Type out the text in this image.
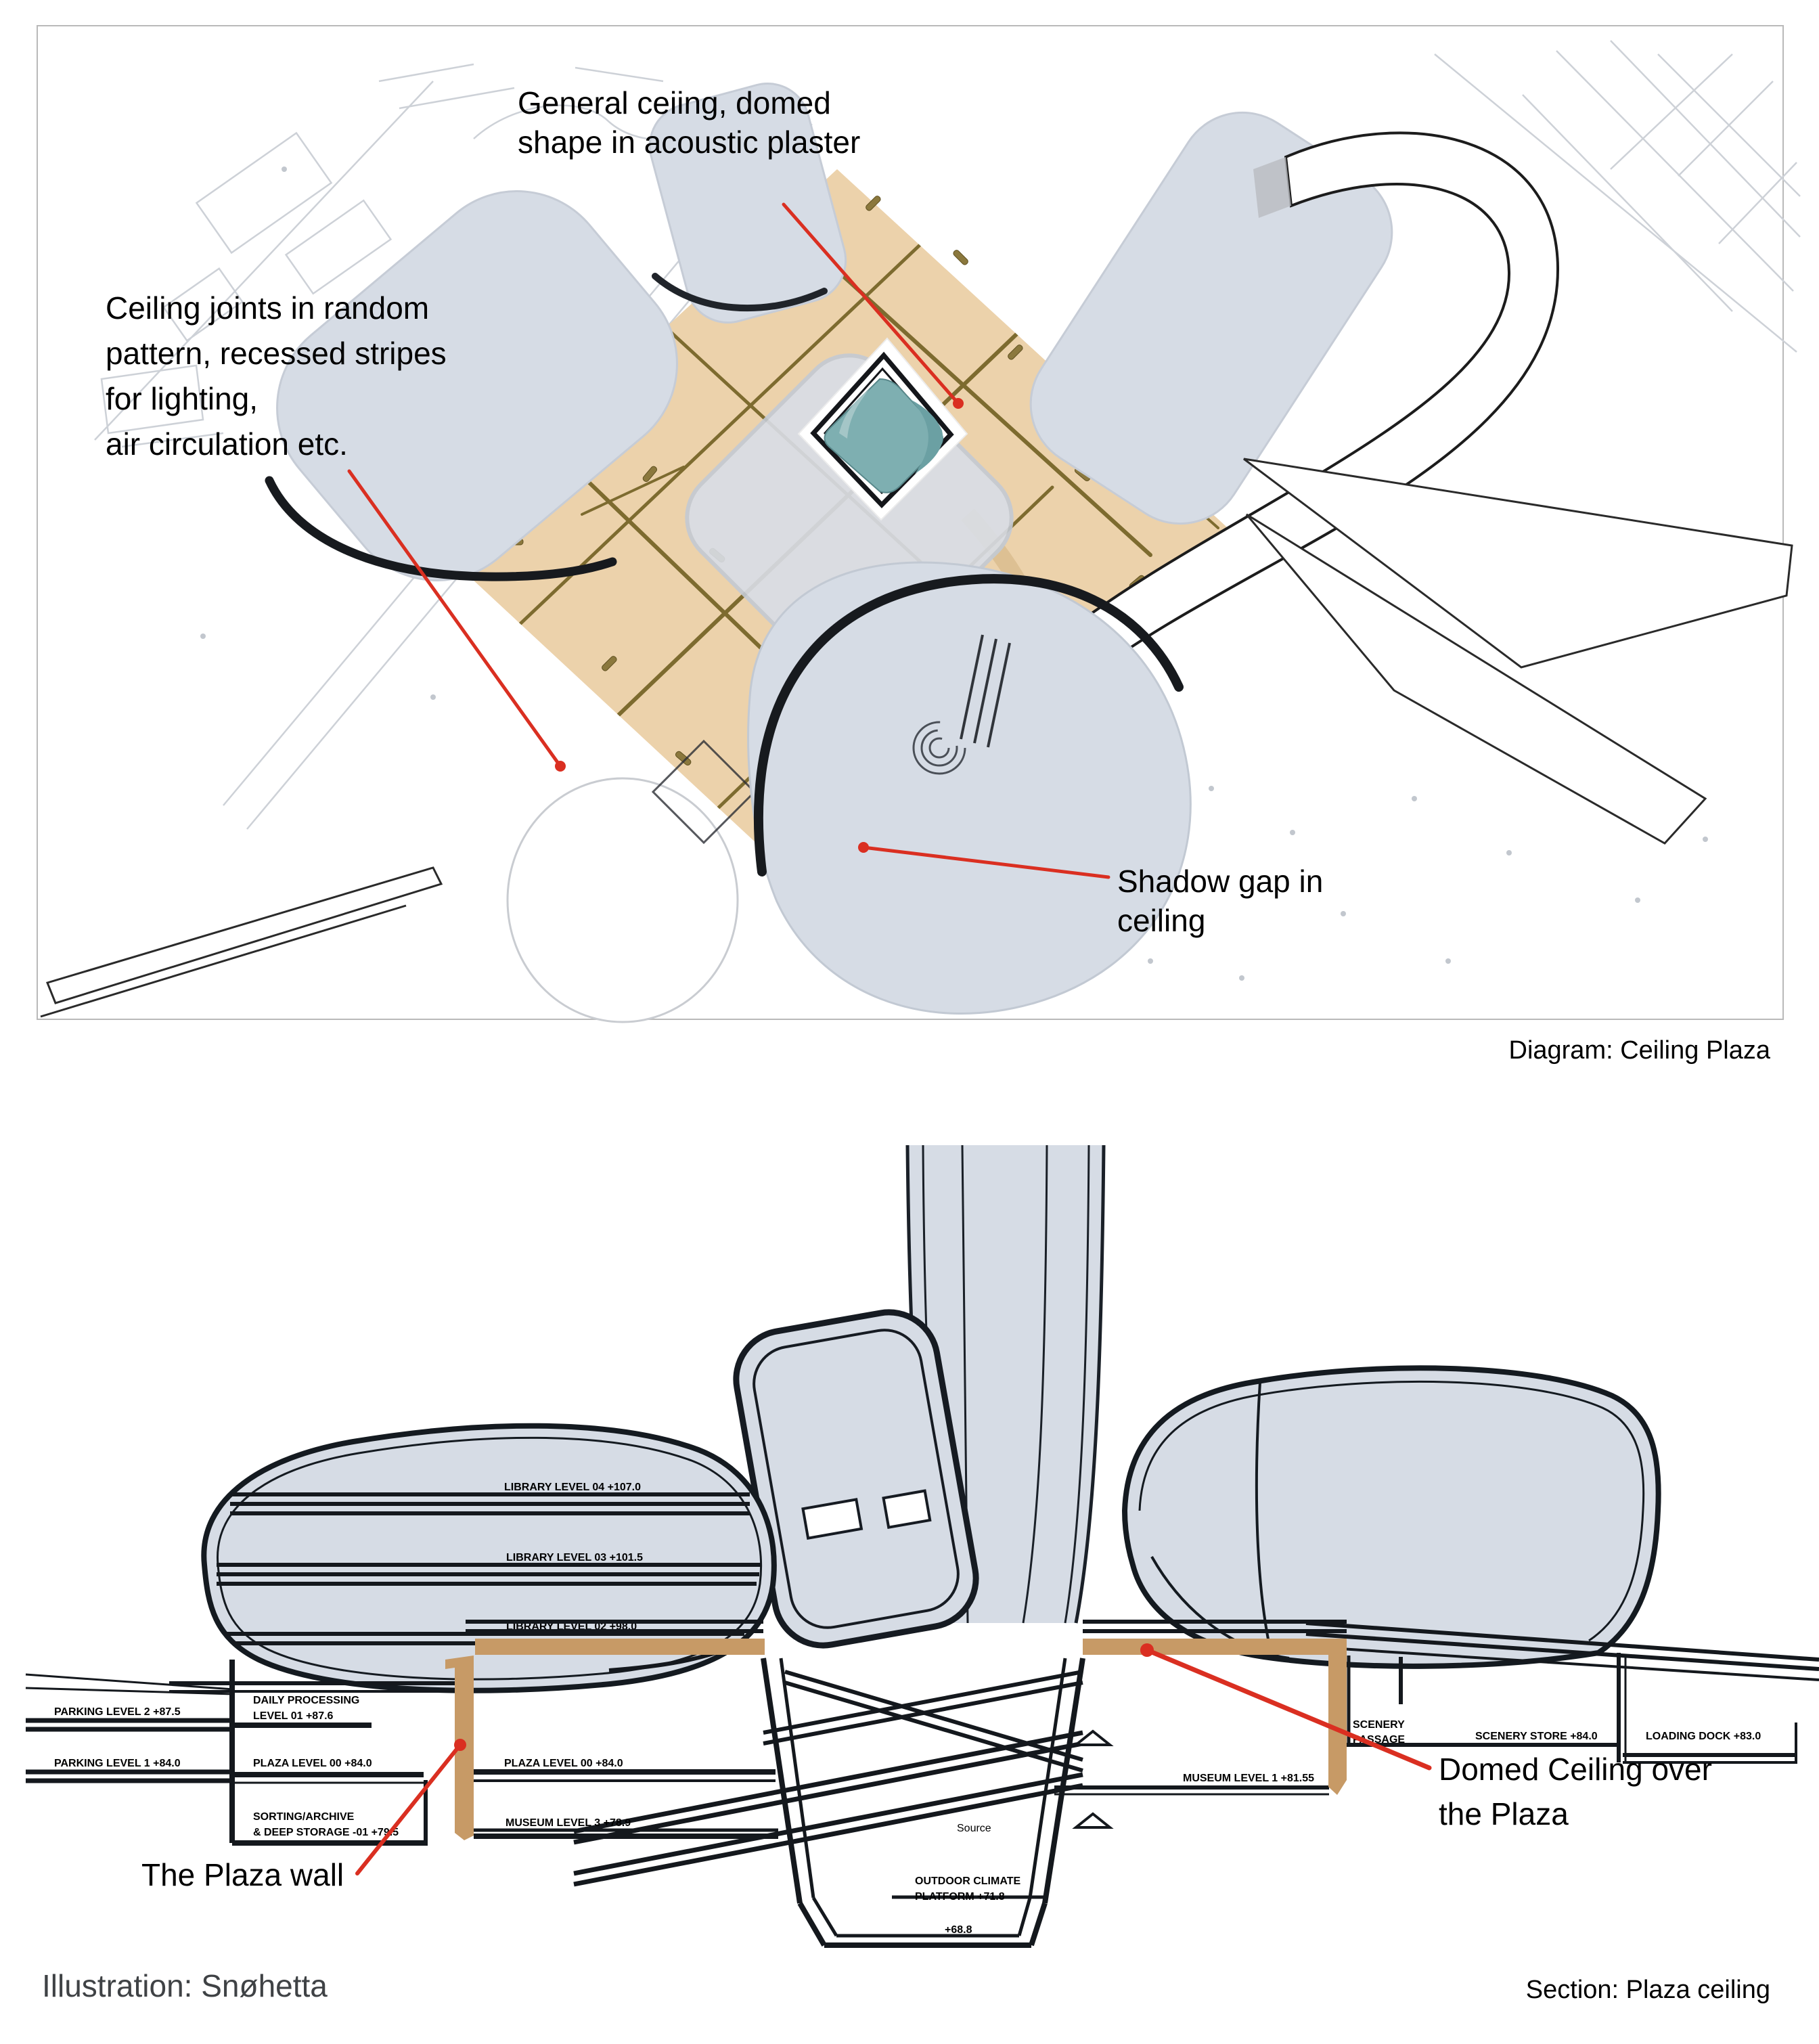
General ceiing, domed
shape in acoustic plaster
Ceiling joints in random
pattern, recessed stripes
for lighting,
air circulation etc.
Shadow gap in
ceiling
Diagram: Ceiling Plaza
LIBRARY LEVEL 04 +107.0
LIBRARY LEVEL 03 +101.5
LIBRARY LEVEL 02 +98.0
PARKING LEVEL 2 +87.5
PARKING LEVEL 1 +84.0
DAILY PROCESSING
LEVEL 01 +87.6
PLAZA LEVEL 00 +84.0
SORTING/ARCHIVE
& DEEP STORAGE -01 +79.5
PLAZA LEVEL 00 +84.0
MUSEUM LEVEL 3 +78.9
MUSEUM LEVEL 1 +81.55
SCENERY
PASSAGE	SCENERY STORE +84.0	LOADING DOCK +83.0
Source
OUTDOOR CLIMATE
PLATFORM +71.8
+68.8
The Plaza wall
Domed Ceiling over
the Plaza
Illustration: Snøhetta	Section: Plaza ceiling
